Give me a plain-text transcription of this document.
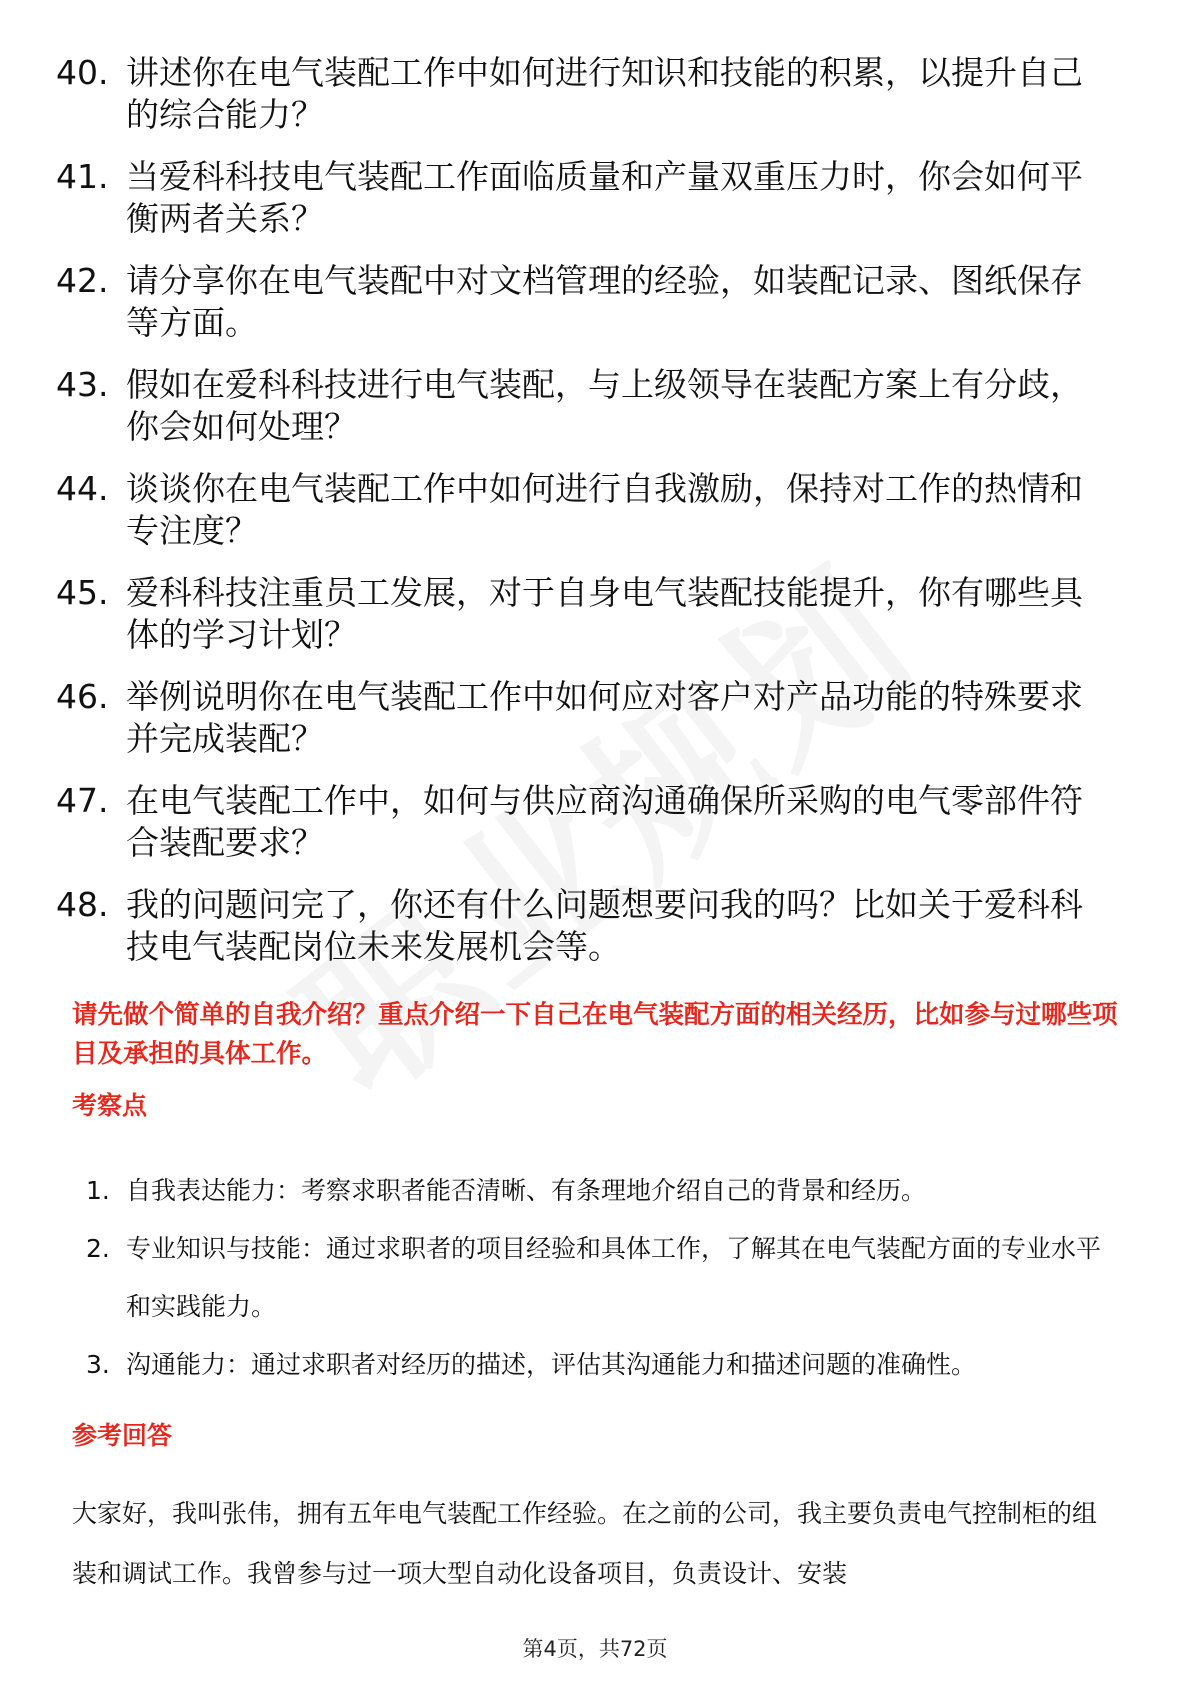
40. 讲述你在电气装配工作中如何进行知识和技能的积累，以提升自己的综合能力？
41. 当爱科科技电气装配工作面临质量和产量双重压力时，你会如何平衡两者关系？
42. 请分享你在电气装配中对文档管理的经验，如装配记录、图纸保存等方面。
43. 假如在爱科科技进行电气装配，与上级领导在装配方案上有分歧，你会如何处理？
44. 谈谈你在电气装配工作中如何进行自我激励，保持对工作的热情和专注度？
45. 爱科科技注重员工发展，对于自身电气装配技能提升，你有哪些具体的学习计划？
46. 举例说明你在电气装配工作中如何应对客户对产品功能的特殊要求并完成装配？
47. 在电气装配工作中，如何与供应商沟通确保所采购的电气零部件符合装配要求？
48. 我的问题问完了，你还有什么问题想要问我的吗？比如关于爱科科技电气装配岗位未来发展机会等。
请先做个简单的自我介绍？重点介绍一下自己在电气装配方面的相关经历，比如参与过哪些项目及承担的具体工作。
考察点
1. 自我表达能力：考察求职者能否清晰、有条理地介绍自己的背景和经历。
2. 专业知识与技能：通过求职者的项目经验和具体工作，了解其在电气装配方面的专业水平和实践能力。
3. 沟通能力：通过求职者对经历的描述，评估其沟通能力和描述问题的准确性。
参考回答
大家好，我叫张伟，拥有五年电气装配工作经验。在之前的公司，我主要负责电气控制柜的组装和调试工作。我曾参与过一项大型自动化设备项目，负责设计、安装
第4页，共72页
